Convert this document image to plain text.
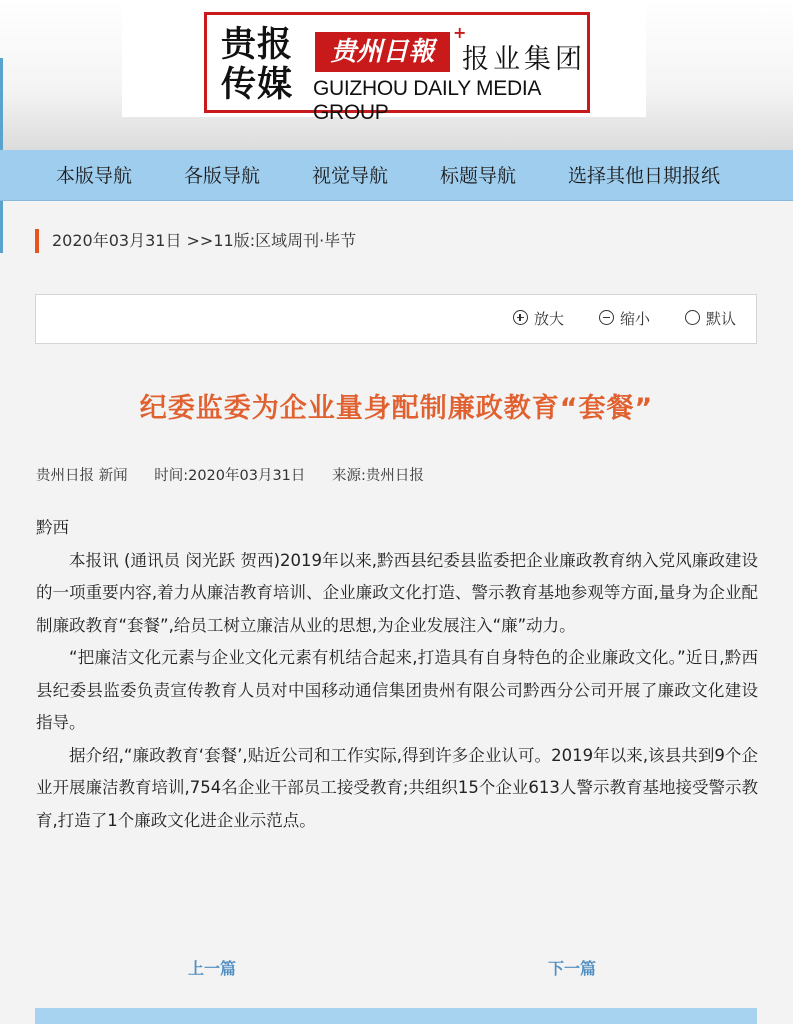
贵报
传媒
贵州日報
+
报业集团
GUIZHOU DAILY MEDIA GROUP
本版导航	各版导航	视觉导航	标题导航	选择其他日期报纸
2020年03月31日 >>11版:区域周刊·毕节
放大	缩小	默认
纪委监委为企业量身配制廉政教育“套餐”
贵州日报 新闻 时间:2020年03月31日 来源:贵州日报

黔西

本报讯 (通讯员 闵光跃 贺西)2019年以来,黔西县纪委县监委把企业廉政教育纳入党风廉政建设的一项重要内容,着力从廉洁教育培训、企业廉政文化打造、警示教育基地参观等方面,量身为企业配制廉政教育“套餐”,给员工树立廉洁从业的思想,为企业发展注入“廉”动力。

“把廉洁文化元素与企业文化元素有机结合起来,打造具有自身特色的企业廉政文化。”近日,黔西县纪委县监委负责宣传教育人员对中国移动通信集团贵州有限公司黔西分公司开展了廉政文化建设指导。

据介绍,“廉政教育‘套餐’,贴近公司和工作实际,得到许多企业认可。2019年以来,该县共到9个企业开展廉洁教育培训,754名企业干部员工接受教育;共组织15个企业613人警示教育基地接受警示教育,打造了1个廉政文化进企业示范点。

上一篇	下一篇
